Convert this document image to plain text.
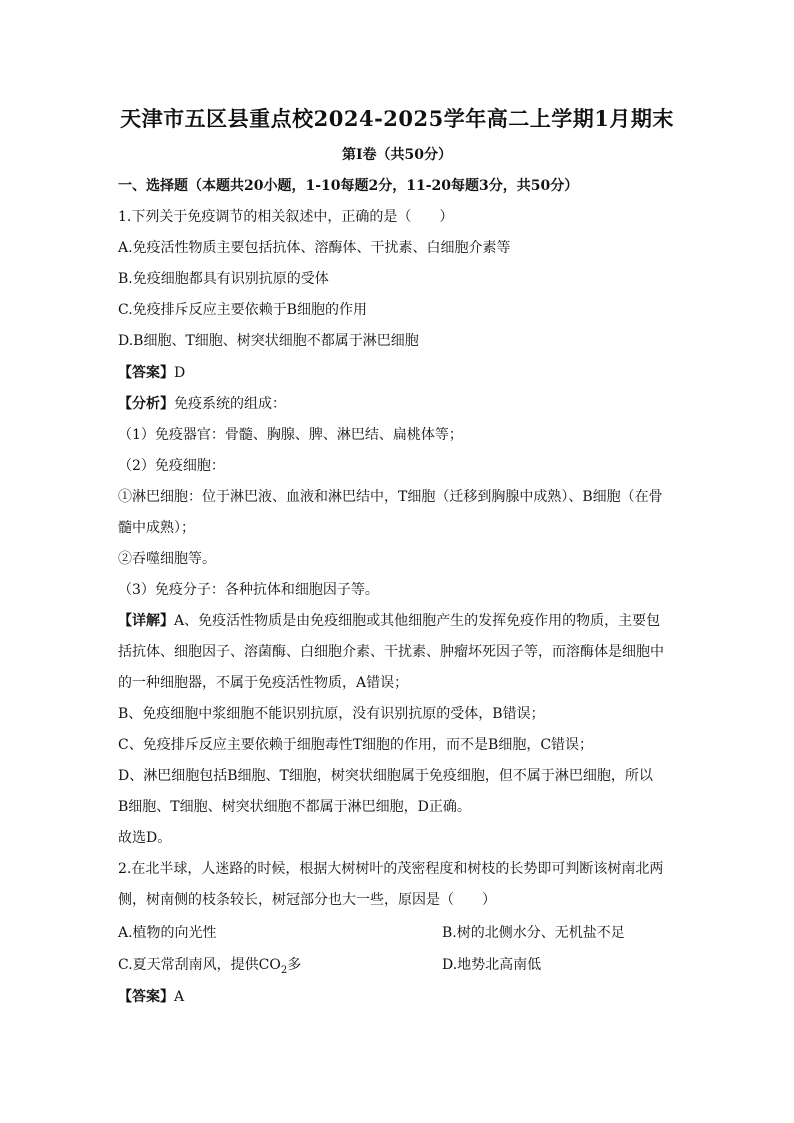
天津市五区县重点校2024-2025学年高二上学期1月期末
第Ⅰ卷（共50分）
一、选择题（本题共20小题，1-10每题2分，11-20每题3分，共50分）
1.下列关于免疫调节的相关叙述中，正确的是（　　）
A.免疫活性物质主要包括抗体、溶酶体、干扰素、白细胞介素等
B.免疫细胞都具有识别抗原的受体
C.免疫排斥反应主要依赖于B细胞的作用
D.B细胞、T细胞、树突状细胞不都属于淋巴细胞
【答案】D
【分析】免疫系统的组成：
（1）免疫器官：骨髓、胸腺、脾、淋巴结、扁桃体等；
（2）免疫细胞：
①淋巴细胞：位于淋巴液、血液和淋巴结中，T细胞（迁移到胸腺中成熟）、B细胞（在骨
髓中成熟）；
②吞噬细胞等。
（3）免疫分子：各种抗体和细胞因子等。
【详解】A、免疫活性物质是由免疫细胞或其他细胞产生的发挥免疫作用的物质，主要包
括抗体、细胞因子、溶菌酶、白细胞介素、干扰素、肿瘤坏死因子等，而溶酶体是细胞中
的一种细胞器，不属于免疫活性物质，A错误；
B、免疫细胞中浆细胞不能识别抗原，没有识别抗原的受体，B错误；
C、免疫排斥反应主要依赖于细胞毒性T细胞的作用，而不是B细胞，C错误；
D、淋巴细胞包括B细胞、T细胞，树突状细胞属于免疫细胞，但不属于淋巴细胞，所以
B细胞、T细胞、树突状细胞不都属于淋巴细胞，D正确。
故选D。
2.在北半球，人迷路的时候，根据大树树叶的茂密程度和树枝的长势即可判断该树南北两
侧，树南侧的枝条较长，树冠部分也大一些，原因是（　　）
A.植物的向光性	B.树的北侧水分、无机盐不足
C.夏天常刮南风，提供$CO_2$多	D.地势北高南低
【答案】A
